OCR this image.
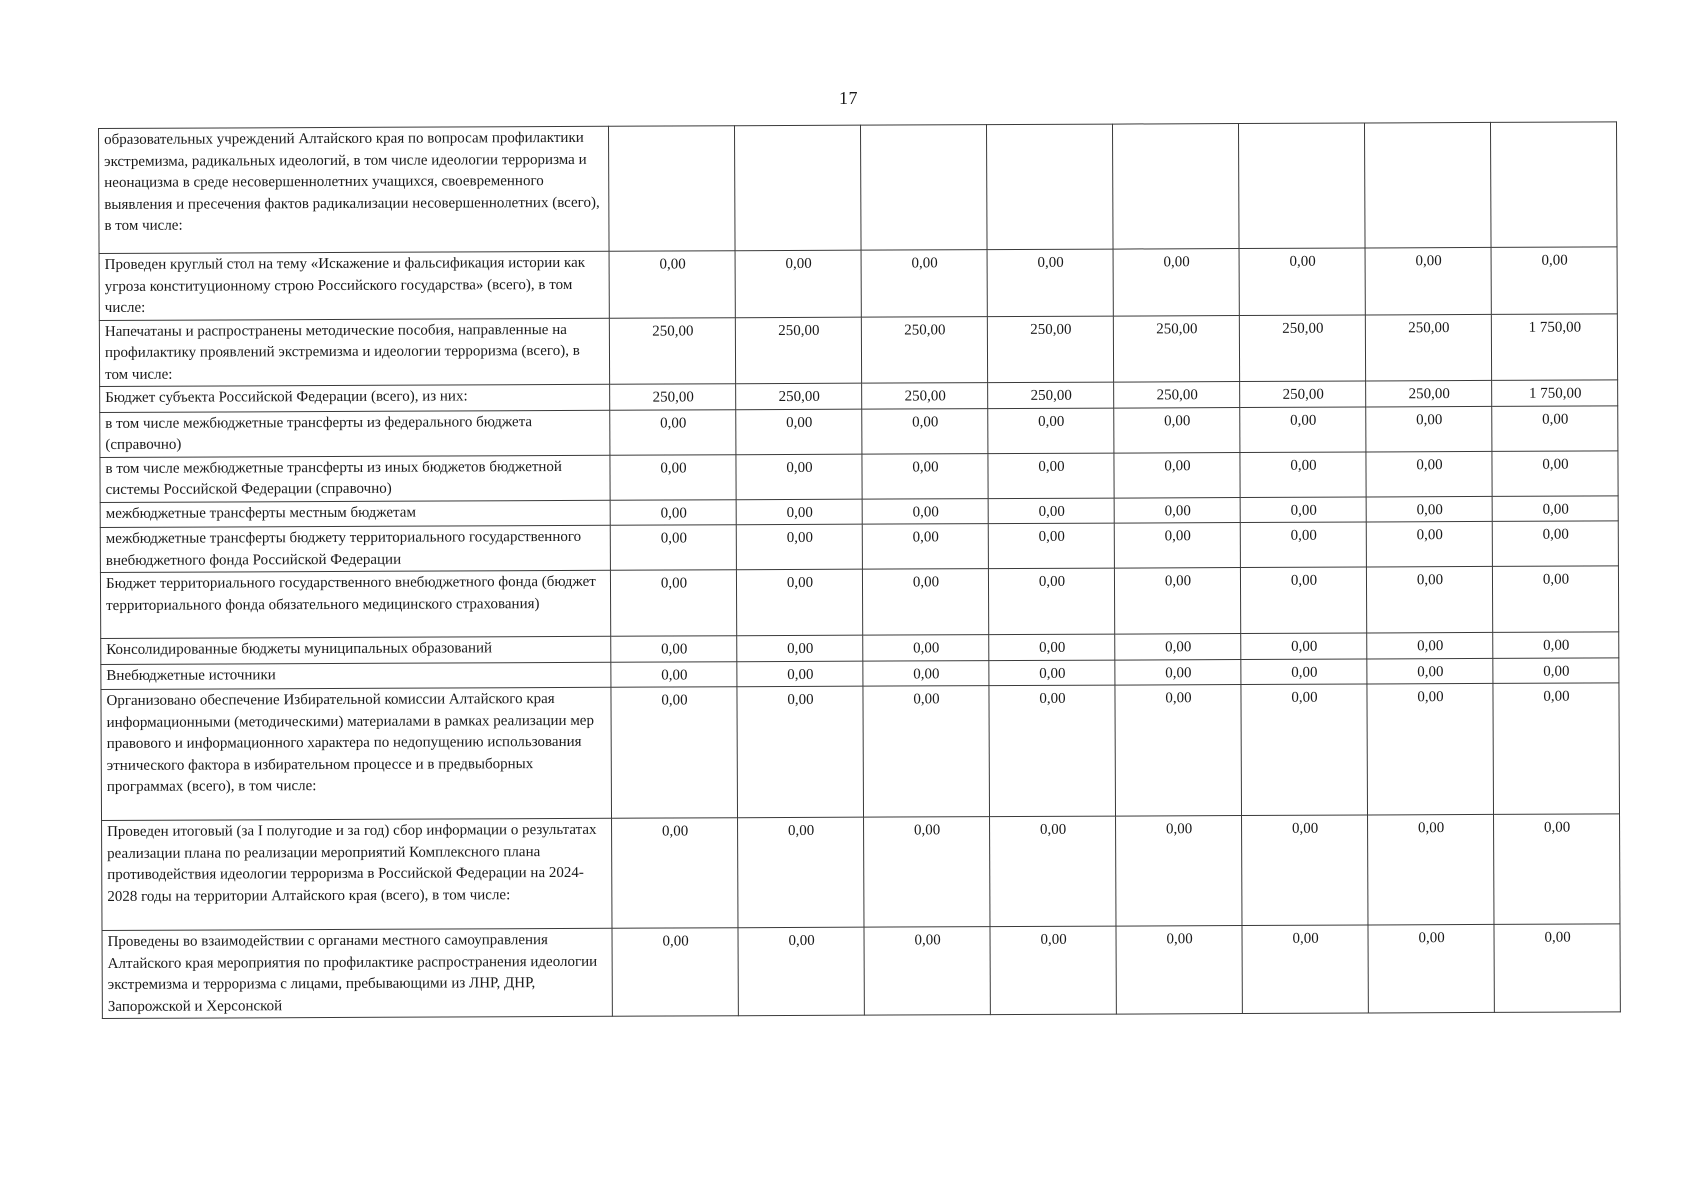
17
образовательных учреждений Алтайского края по вопросам профилактики экстремизма, радикальных идеологий, в том числе идеологии терроризма и неонацизма в среде несовершеннолетних учащихся, своевременного выявления и пресечения фактов радикализации несовершеннолетних (всего), в том числе:								
Проведен круглый стол на тему «Искажение и фальсификация истории как угроза конституционному строю Российского государства» (всего), в том числе:	0,00	0,00	0,00	0,00	0,00	0,00	0,00	0,00
Напечатаны и распространены методические пособия, направленные на профилактику проявлений экстремизма и идеологии терроризма (всего), в том числе:	250,00	250,00	250,00	250,00	250,00	250,00	250,00	1 750,00
Бюджет субъекта Российской Федерации (всего), из них:	250,00	250,00	250,00	250,00	250,00	250,00	250,00	1 750,00
в том числе межбюджетные трансферты из федерального бюджета (справочно)	0,00	0,00	0,00	0,00	0,00	0,00	0,00	0,00
в том числе межбюджетные трансферты из иных бюджетов бюджетной системы Российской Федерации (справочно)	0,00	0,00	0,00	0,00	0,00	0,00	0,00	0,00
межбюджетные трансферты местным бюджетам	0,00	0,00	0,00	0,00	0,00	0,00	0,00	0,00
межбюджетные трансферты бюджету территориального государственного внебюджетного фонда Российской Федерации	0,00	0,00	0,00	0,00	0,00	0,00	0,00	0,00
Бюджет территориального государственного внебюджетного фонда (бюджет территориального фонда обязательного медицинского страхования)	0,00	0,00	0,00	0,00	0,00	0,00	0,00	0,00
Консолидированные бюджеты муниципальных образований	0,00	0,00	0,00	0,00	0,00	0,00	0,00	0,00
Внебюджетные источники	0,00	0,00	0,00	0,00	0,00	0,00	0,00	0,00
Организовано обеспечение Избирательной комиссии Алтайского края информационными (методическими) материалами в рамках реализации мер правового и информационного характера по недопущению использования этнического фактора в избирательном процессе и в предвыборных программах (всего), в том числе:	0,00	0,00	0,00	0,00	0,00	0,00	0,00	0,00
Проведен итоговый (за I полугодие и за год) сбор информации о результатах реализации плана по реализации мероприятий Комплексного плана противодействия идеологии терроризма в Российской Федерации на 2024-2028 годы на территории Алтайского края (всего), в том числе:	0,00	0,00	0,00	0,00	0,00	0,00	0,00	0,00
Проведены во взаимодействии с органами местного самоуправления Алтайского края мероприятия по профилактике распространения идеологии экстремизма и терроризма с лицами, пребывающими из ЛНР, ДНР, Запорожской и Херсонской	0,00	0,00	0,00	0,00	0,00	0,00	0,00	0,00
